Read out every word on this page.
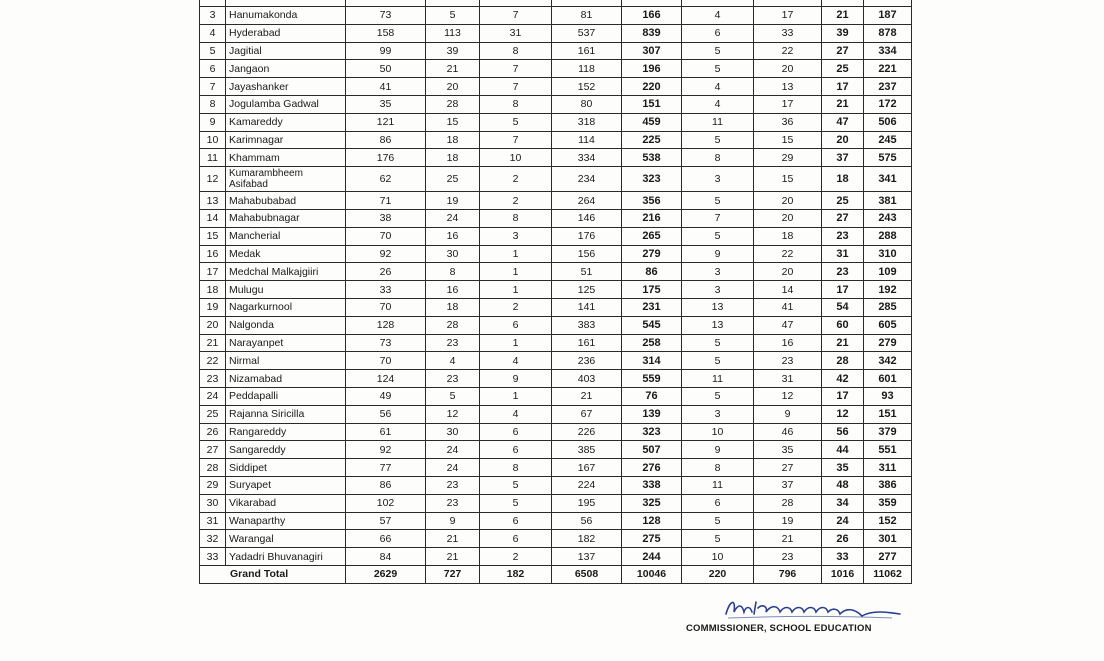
3	Hanumakonda	73	5	7	81	166	4	17	21	187
4	Hyderabad	158	113	31	537	839	6	33	39	878
5	Jagitial	99	39	8	161	307	5	22	27	334
6	Jangaon	50	21	7	118	196	5	20	25	221
7	Jayashanker	41	20	7	152	220	4	13	17	237
8	Jogulamba Gadwal	35	28	8	80	151	4	17	21	172
9	Kamareddy	121	15	5	318	459	11	36	47	506
10	Karimnagar	86	18	7	114	225	5	15	20	245
11	Khammam	176	18	10	334	538	8	29	37	575
12	Kumarambheem Asifabad	62	25	2	234	323	3	15	18	341
13	Mahabubabad	71	19	2	264	356	5	20	25	381
14	Mahabubnagar	38	24	8	146	216	7	20	27	243
15	Mancherial	70	16	3	176	265	5	18	23	288
16	Medak	92	30	1	156	279	9	22	31	310
17	Medchal Malkajgiiri	26	8	1	51	86	3	20	23	109
18	Mulugu	33	16	1	125	175	3	14	17	192
19	Nagarkurnool	70	18	2	141	231	13	41	54	285
20	Nalgonda	128	28	6	383	545	13	47	60	605
21	Narayanpet	73	23	1	161	258	5	16	21	279
22	Nirmal	70	4	4	236	314	5	23	28	342
23	Nizamabad	124	23	9	403	559	11	31	42	601
24	Peddapalli	49	5	1	21	76	5	12	17	93
25	Rajanna Siricilla	56	12	4	67	139	3	9	12	151
26	Rangareddy	61	30	6	226	323	10	46	56	379
27	Sangareddy	92	24	6	385	507	9	35	44	551
28	Siddipet	77	24	8	167	276	8	27	35	311
29	Suryapet	86	23	5	224	338	11	37	48	386
30	Vikarabad	102	23	5	195	325	6	28	34	359
31	Wanaparthy	57	9	6	56	128	5	19	24	152
32	Warangal	66	21	6	182	275	5	21	26	301
33	Yadadri Bhuvanagiri	84	21	2	137	244	10	23	33	277
Grand Total		2629	727	182	6508	10046	220	796	1016	11062
COMMISSIONER, SCHOOL EDUCATION
